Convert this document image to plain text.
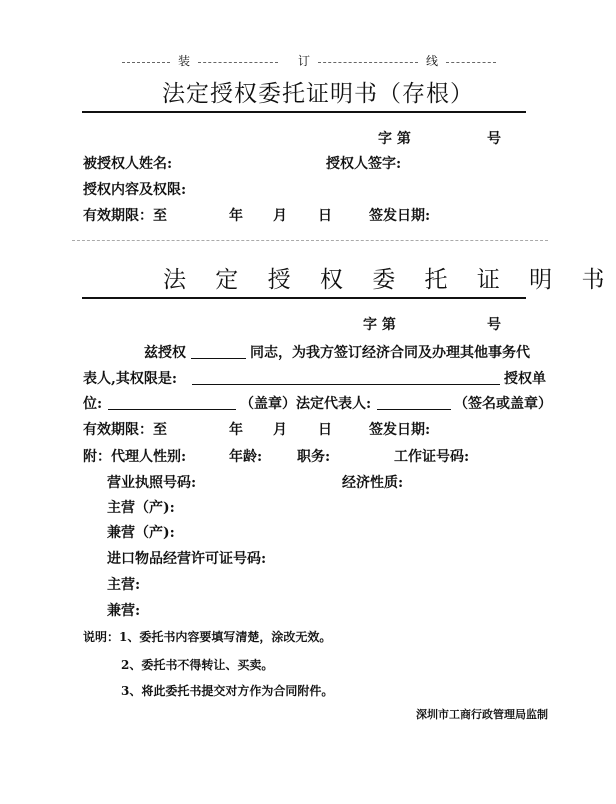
装	订	线
法定授权委托证明书（存根）
字 第	号
被授权人姓名:	授权人签字:
授权内容及权限:
有效期限：至	年 月 日	签发日期:
法 定 授 权 委 托 证 明 书
字 第	号
兹授权	同志，为我方签订经济合同及办理其他事务代
表人,其权限是:	授权单
位:	（盖章）法定代表人:	（签名或盖章）
有效期限：至	年 月 日	签发日期:
附：代理人性别:	年龄: 职务:	工作证号码:
营业执照号码:	经济性质:
主营（产):
兼营（产):
进口物品经营许可证号码:
主营:
兼营:
说明：1、委托书内容要填写清楚，涂改无效。
2、委托书不得转让、买卖。
3、将此委托书提交对方作为合同附件。
深圳市工商行政管理局监制
